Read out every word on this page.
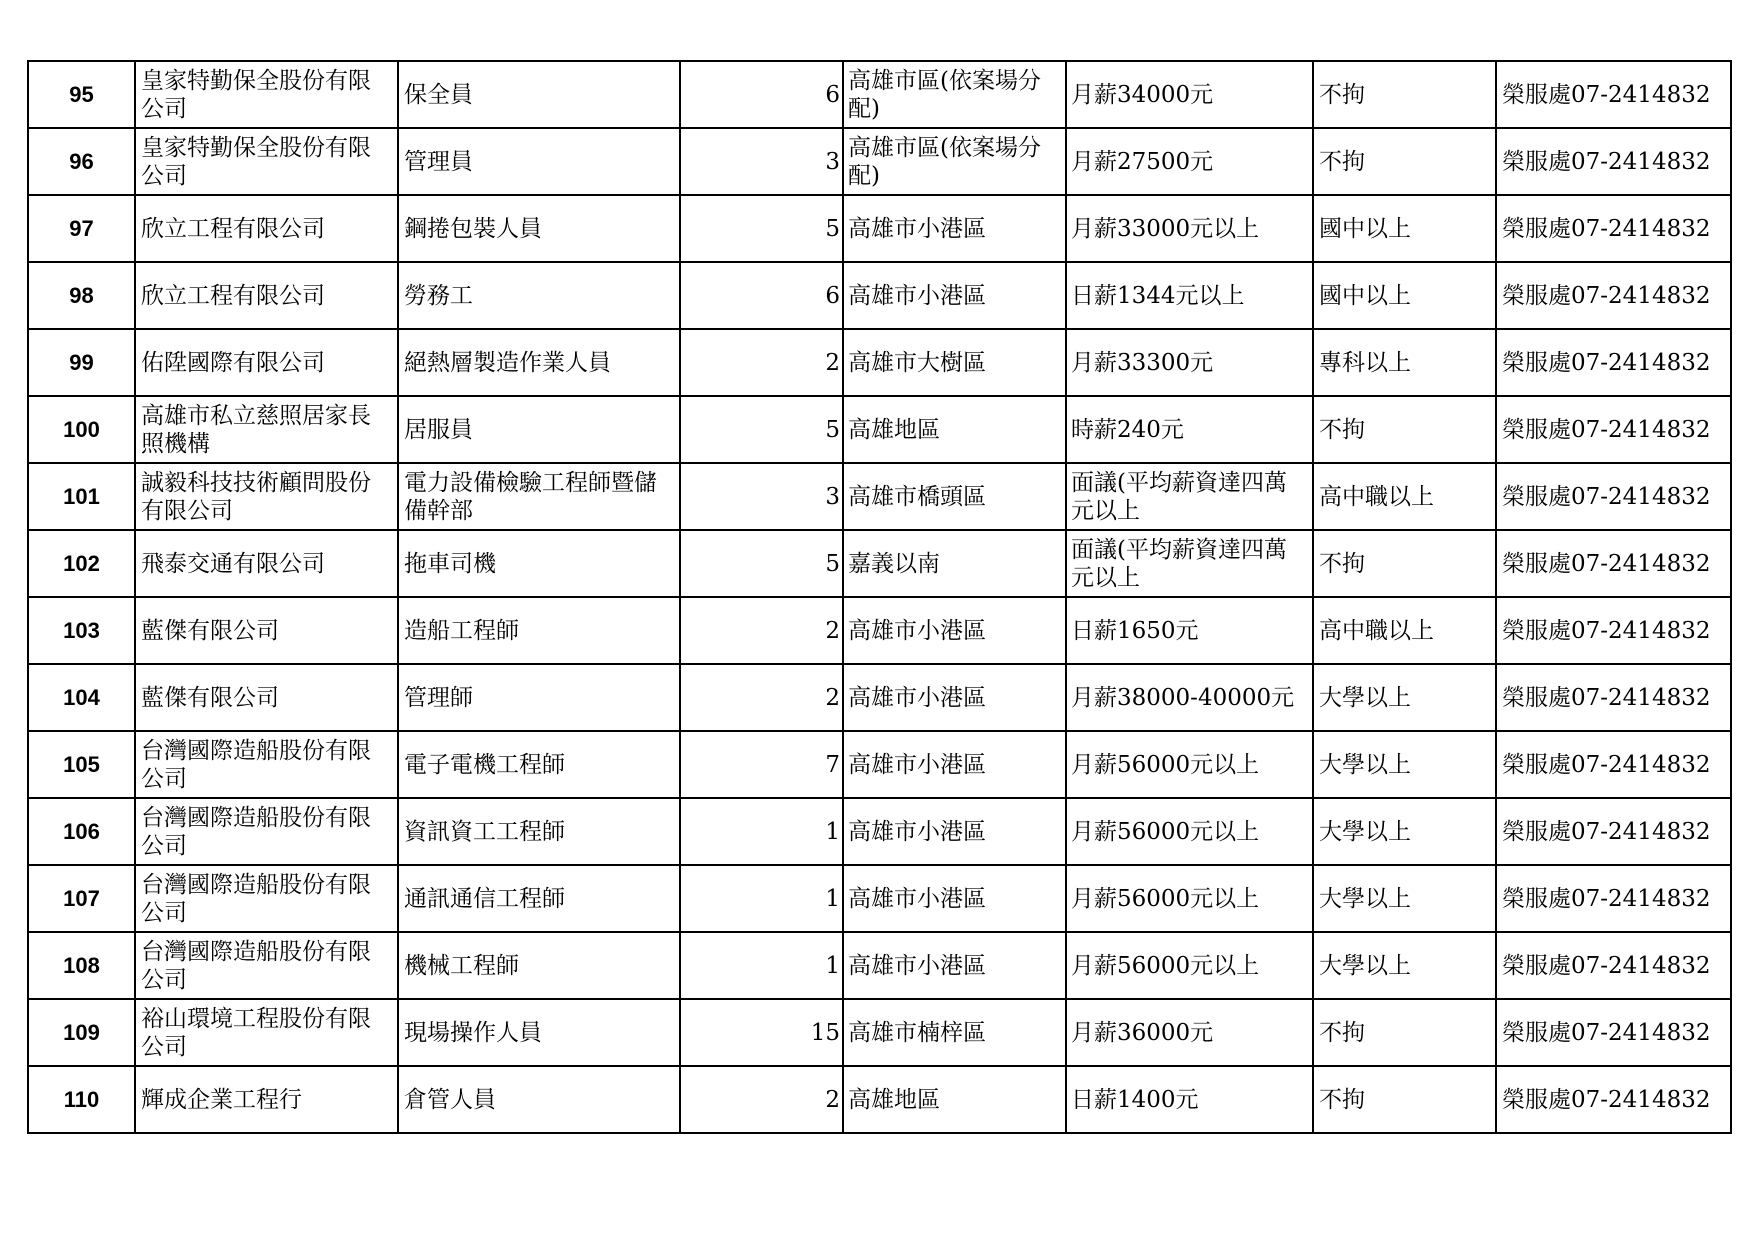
95	皇家特勤保全股份有限公司	保全員	6	高雄市區(依案場分配)	月薪34000元	不拘	榮服處07-2414832
96	皇家特勤保全股份有限公司	管理員	3	高雄市區(依案場分配)	月薪27500元	不拘	榮服處07-2414832
97	欣立工程有限公司	鋼捲包裝人員	5	高雄市小港區	月薪33000元以上	國中以上	榮服處07-2414832
98	欣立工程有限公司	勞務工	6	高雄市小港區	日薪1344元以上	國中以上	榮服處07-2414832
99	佑陞國際有限公司	絕熱層製造作業人員	2	高雄市大樹區	月薪33300元	專科以上	榮服處07-2414832
100	高雄市私立慈照居家長照機構	居服員	5	高雄地區	時薪240元	不拘	榮服處07-2414832
101	誠毅科技技術顧問股份有限公司	電力設備檢驗工程師暨儲備幹部	3	高雄市橋頭區	面議(平均薪資達四萬元以上	高中職以上	榮服處07-2414832
102	飛泰交通有限公司	拖車司機	5	嘉義以南	面議(平均薪資達四萬元以上	不拘	榮服處07-2414832
103	藍傑有限公司	造船工程師	2	高雄市小港區	日薪1650元	高中職以上	榮服處07-2414832
104	藍傑有限公司	管理師	2	高雄市小港區	月薪38000-40000元	大學以上	榮服處07-2414832
105	台灣國際造船股份有限公司	電子電機工程師	7	高雄市小港區	月薪56000元以上	大學以上	榮服處07-2414832
106	台灣國際造船股份有限公司	資訊資工工程師	1	高雄市小港區	月薪56000元以上	大學以上	榮服處07-2414832
107	台灣國際造船股份有限公司	通訊通信工程師	1	高雄市小港區	月薪56000元以上	大學以上	榮服處07-2414832
108	台灣國際造船股份有限公司	機械工程師	1	高雄市小港區	月薪56000元以上	大學以上	榮服處07-2414832
109	裕山環境工程股份有限公司	現場操作人員	15	高雄市楠梓區	月薪36000元	不拘	榮服處07-2414832
110	輝成企業工程行	倉管人員	2	高雄地區	日薪1400元	不拘	榮服處07-2414832
